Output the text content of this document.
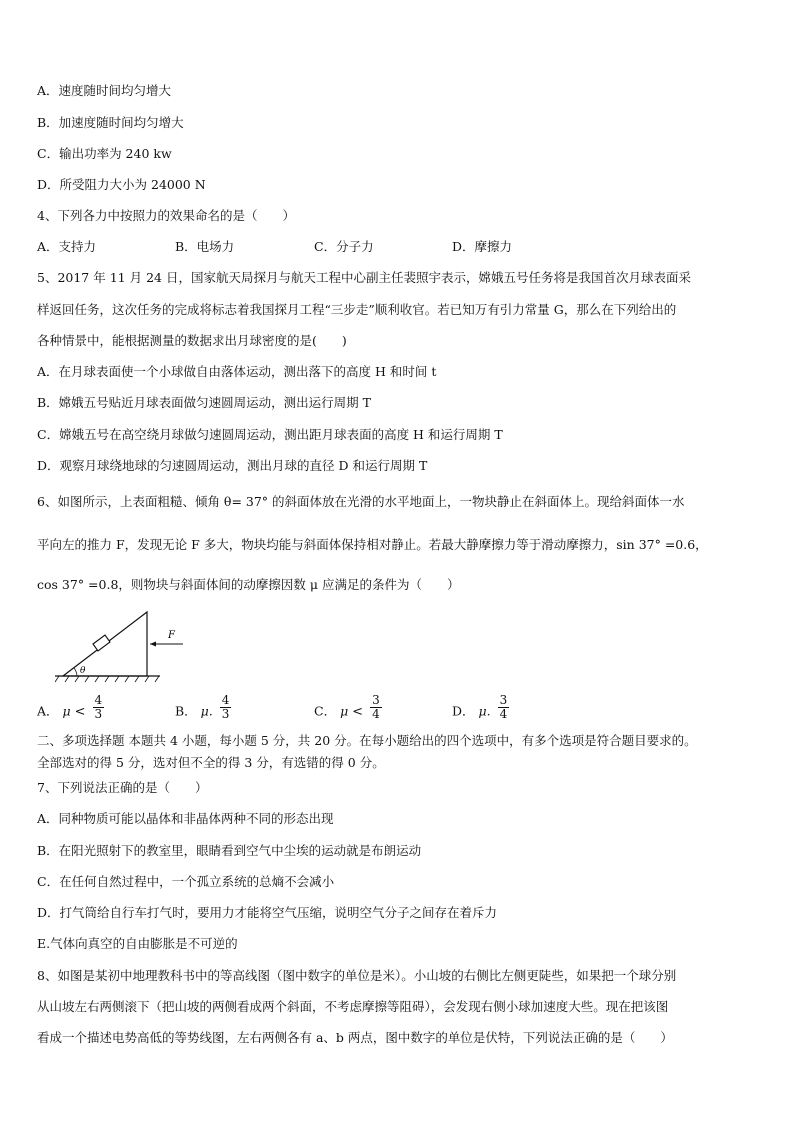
A．速度随时间均匀增大
B．加速度随时间均匀增大
C．输出功率为 240 kw
D．所受阻力大小为 24000 N
4、下列各力中按照力的效果命名的是（　　）
A．支持力	B．电场力	C．分子力	D．摩擦力
5、2017 年 11 月 24 日，国家航天局探月与航天工程中心副主任裴照宇表示，嫦娥五号任务将是我国首次月球表面采
样返回任务，这次任务的完成将标志着我国探月工程“三步走”顺利收官。若已知万有引力常量 G，那么在下列给出的
各种情景中，能根据测量的数据求出月球密度的是(　　)
A．在月球表面使一个小球做自由落体运动，测出落下的高度 H 和时间 t
B．嫦娥五号贴近月球表面做匀速圆周运动，测出运行周期 T
C．嫦娥五号在高空绕月球做匀速圆周运动，测出距月球表面的高度 H 和运行周期 T
D．观察月球绕地球的匀速圆周运动，测出月球的直径 D 和运行周期 T
6、如图所示，上表面粗糙、倾角 θ= 37° 的斜面体放在光滑的水平地面上，一物块静止在斜面体上。现给斜面体一水
平向左的推力 F，发现无论 F 多大，物块均能与斜面体保持相对静止。若最大静摩擦力等于滑动摩擦力，sin 37° =0.6，
cos 37° =0.8，则物块与斜面体间的动摩擦因数 μ 应满足的条件为（　　）
θ
F
A． $\mu < \frac{4}{3}$	B． μ. $\frac{4}{3}$	C． $\mu < \frac{3}{4}$	D． μ. $\frac{3}{4}$
二、多项选择题 本题共 4 小题，每小题 5 分，共 20 分。在每小题给出的四个选项中，有多个选项是符合题目要求的。
全部选对的得 5 分，选对但不全的得 3 分，有选错的得 0 分。
7、下列说法正确的是（　　）
A．同种物质可能以晶体和非晶体两种不同的形态出现
B．在阳光照射下的教室里，眼睛看到空气中尘埃的运动就是布朗运动
C．在任何自然过程中，一个孤立系统的总熵不会减小
D．打气筒给自行车打气时，要用力才能将空气压缩，说明空气分子之间存在着斥力
E.气体向真空的自由膨胀是不可逆的
8、如图是某初中地理教科书中的等高线图（图中数字的单位是米）。小山坡的右侧比左侧更陡些，如果把一个球分别
从山坡左右两侧滚下（把山坡的两侧看成两个斜面，不考虑摩擦等阻碍），会发现右侧小球加速度大些。现在把该图
看成一个描述电势高低的等势线图，左右两侧各有 a、b 两点，图中数字的单位是伏特，下列说法正确的是（　　）
